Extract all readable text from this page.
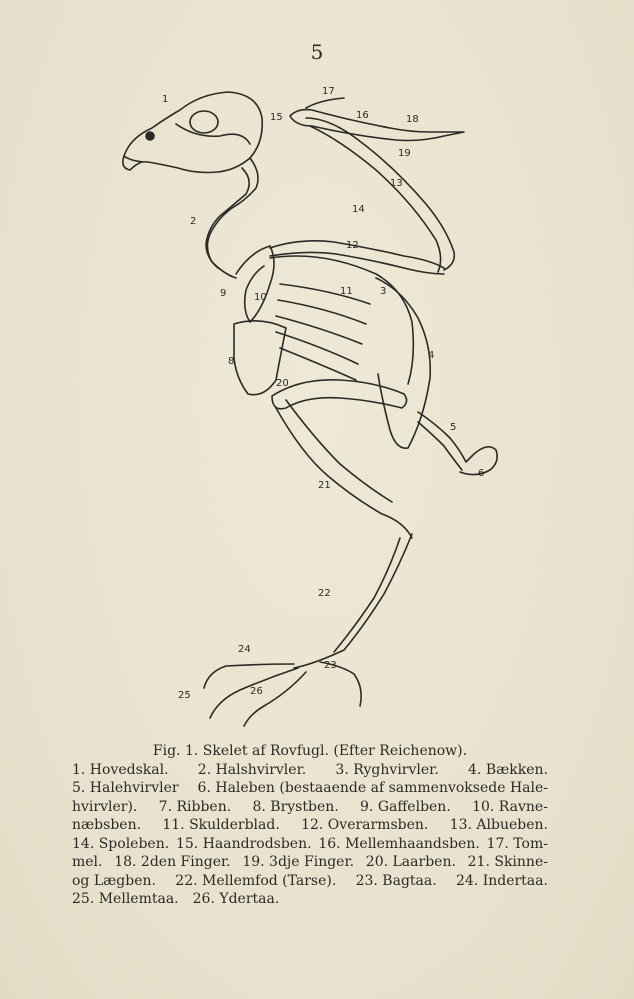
5
1
2
3
4
5
6
8
9	10
11
12
13
14
15	16
17
18
19
20
21
22
23
24
25	26
Fig. 1. Skelet af Rovfugl. (Efter Reichenow).
1. Hovedskal. 2. Halshvirvler. 3. Ryghvirvler. 4. Bækken.
5. Halehvirvler 6. Haleben (bestaaende af sammenvoksede Hale-
hvirvler). 7. Ribben. 8. Brystben. 9. Gaffelben. 10. Ravne-
næbsben. 11. Skulderblad. 12. Overarmsben. 13. Albueben.
14. Spoleben. 15. Haandrodsben. 16. Mellemhaandsben. 17. Tom-
mel. 18. 2den Finger. 19. 3dje Finger. 20. Laarben. 21. Skinne-
og Lægben. 22. Mellemfod (Tarse). 23. Bagtaa. 24. Indertaa.
25. Mellemtaa. 26. Ydertaa.
